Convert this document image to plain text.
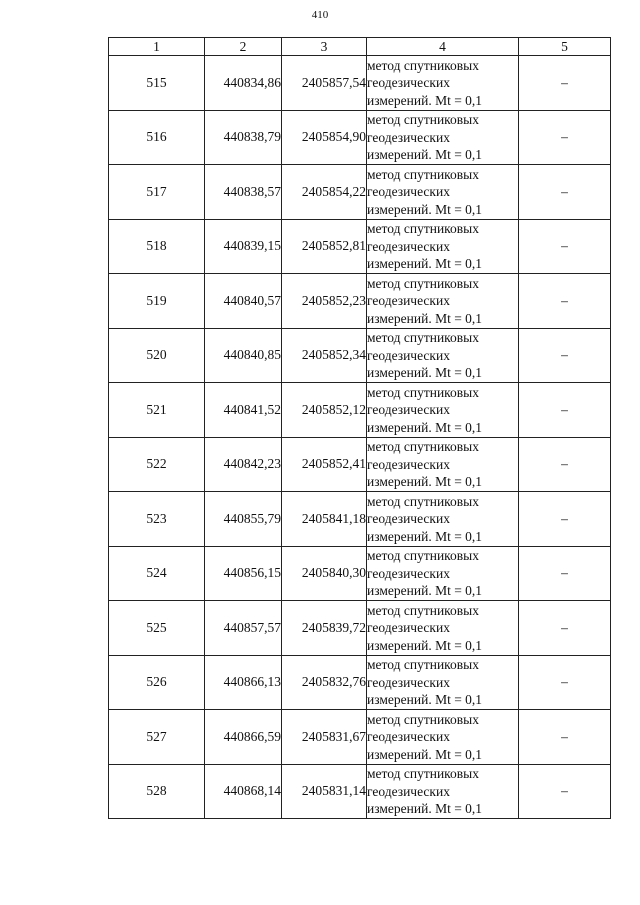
410
1	2	3	4	5
515	440834,86	2405857,54	метод спутниковых
геодезических
измерений. Mt = 0,1	–
516	440838,79	2405854,90	метод спутниковых
геодезических
измерений. Mt = 0,1	–
517	440838,57	2405854,22	метод спутниковых
геодезических
измерений. Mt = 0,1	–
518	440839,15	2405852,81	метод спутниковых
геодезических
измерений. Mt = 0,1	–
519	440840,57	2405852,23	метод спутниковых
геодезических
измерений. Mt = 0,1	–
520	440840,85	2405852,34	метод спутниковых
геодезических
измерений. Mt = 0,1	–
521	440841,52	2405852,12	метод спутниковых
геодезических
измерений. Mt = 0,1	–
522	440842,23	2405852,41	метод спутниковых
геодезических
измерений. Mt = 0,1	–
523	440855,79	2405841,18	метод спутниковых
геодезических
измерений. Mt = 0,1	–
524	440856,15	2405840,30	метод спутниковых
геодезических
измерений. Mt = 0,1	–
525	440857,57	2405839,72	метод спутниковых
геодезических
измерений. Mt = 0,1	–
526	440866,13	2405832,76	метод спутниковых
геодезических
измерений. Mt = 0,1	–
527	440866,59	2405831,67	метод спутниковых
геодезических
измерений. Mt = 0,1	–
528	440868,14	2405831,14	метод спутниковых
геодезических
измерений. Mt = 0,1	–
